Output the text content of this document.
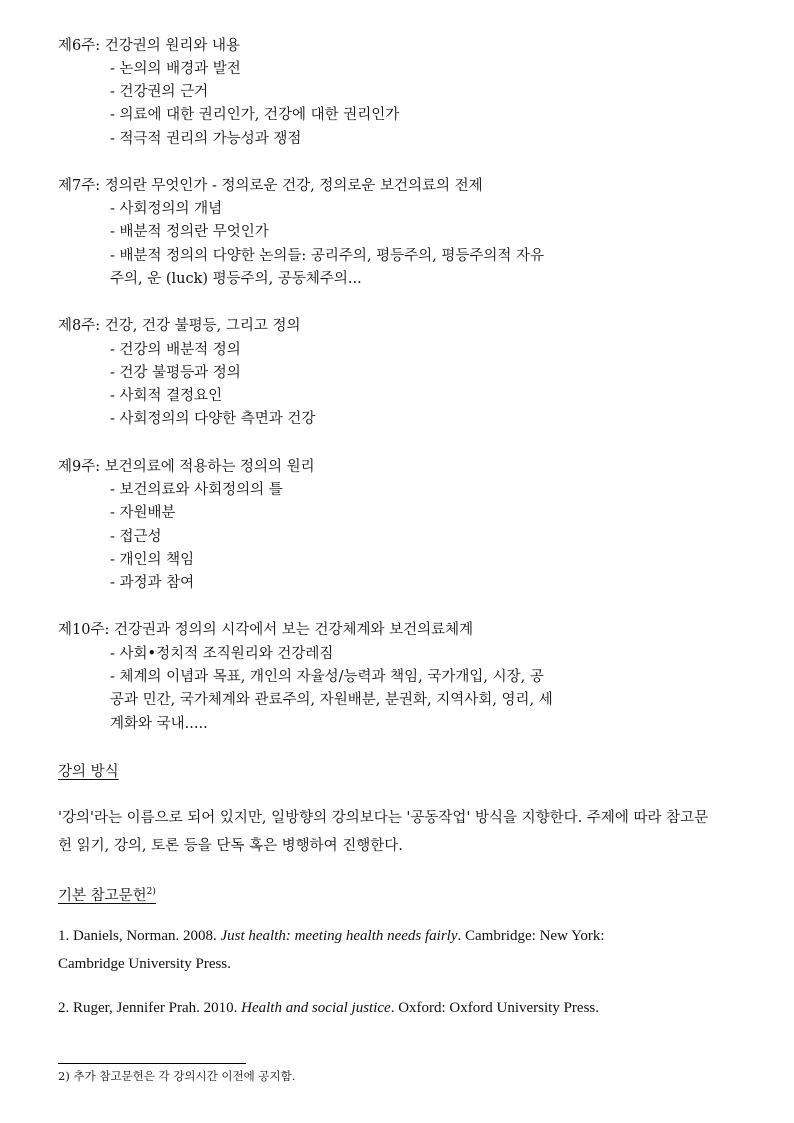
제6주: 건강권의 원리와 내용
- 논의의 배경과 발전
- 건강권의 근거
- 의료에 대한 권리인가, 건강에 대한 권리인가
- 적극적 권리의 가능성과 쟁점
제7주: 정의란 무엇인가 - 정의로운 건강, 정의로운 보건의료의 전제
- 사회정의의 개념
- 배분적 정의란 무엇인가
- 배분적 정의의 다양한 논의들: 공리주의, 평등주의, 평등주의적 자유
주의, 운 (luck) 평등주의, 공동체주의...
제8주: 건강, 건강 불평등, 그리고 정의
- 건강의 배분적 정의
- 건강 불평등과 정의
- 사회적 결정요인
- 사회정의의 다양한 측면과 건강
제9주: 보건의료에 적용하는 정의의 원리
- 보건의료와 사회정의의 틀
- 자원배분
- 접근성
- 개인의 책임
- 과정과 참여
제10주: 건강권과 정의의 시각에서 보는 건강체계와 보건의료체계
- 사회•정치적 조직원리와 건강레짐
- 체계의 이념과 목표, 개인의 자율성/능력과 책임, 국가개입, 시장, 공
공과 민간, 국가체계와 관료주의, 자원배분, 분권화, 지역사회, 영리, 세
계화와 국내.....
강의 방식
'강의'라는 이름으로 되어 있지만, 일방향의 강의보다는 '공동작업' 방식을 지향한다. 주제에 따라 참고문
헌 읽기, 강의, 토론 등을 단독 혹은 병행하여 진행한다.
기본 참고문헌$^{2)}$
1. Daniels, Norman. 2008. Just health: meeting health needs fairly. Cambridge: New York:
Cambridge University Press.
2. Ruger, Jennifer Prah. 2010. Health and social justice. Oxford: Oxford University Press.
2) 추가 참고문헌은 각 강의시간 이전에 공지함.
